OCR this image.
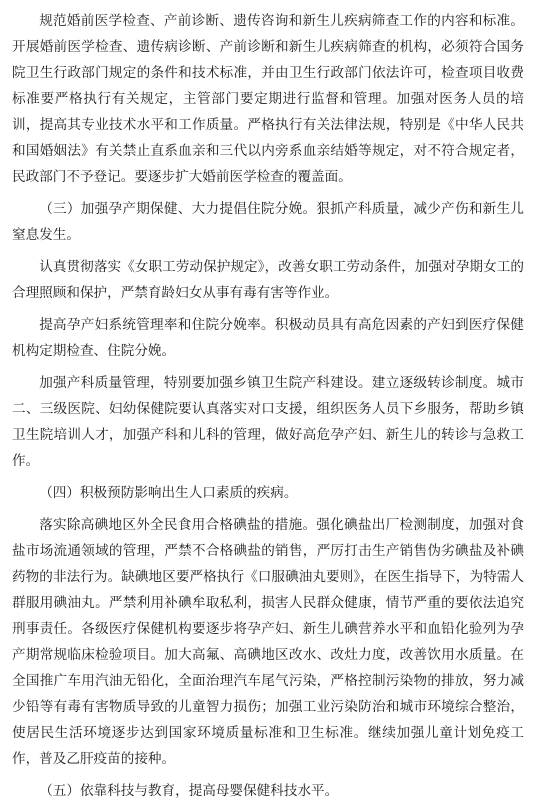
规范婚前医学检查、产前诊断、遗传咨询和新生儿疾病筛查工作的内容和标准。开展婚前医学检查、遗传病诊断、产前诊断和新生儿疾病筛查的机构，必须符合国务院卫生行政部门规定的条件和技术标准，并由卫生行政部门依法许可，检查项目收费标准要严格执行有关规定，主管部门要定期进行监督和管理。加强对医务人员的培训，提高其专业技术水平和工作质量。严格执行有关法律法规，特别是《中华人民共和国婚姻法》有关禁止直系血亲和三代以内旁系血亲结婚等规定，对不符合规定者，民政部门不予登记。要逐步扩大婚前医学检查的覆盖面。

（三）加强孕产期保健、大力提倡住院分娩。狠抓产科质量，减少产伤和新生儿窒息发生。

认真贯彻落实《女职工劳动保护规定》，改善女职工劳动条件，加强对孕期女工的合理照顾和保护，严禁育龄妇女从事有毒有害等作业。

提高孕产妇系统管理率和住院分娩率。积极动员具有高危因素的产妇到医疗保健机构定期检查、住院分娩。

加强产科质量管理，特别要加强乡镇卫生院产科建设。建立逐级转诊制度。城市二、三级医院、妇幼保健院要认真落实对口支援，组织医务人员下乡服务，帮助乡镇卫生院培训人才，加强产科和儿科的管理，做好高危孕产妇、新生儿的转诊与急救工作。

（四）积极预防影响出生人口素质的疾病。

落实除高碘地区外全民食用合格碘盐的措施。强化碘盐出厂检测制度，加强对食盐市场流通领域的管理，严禁不合格碘盐的销售，严厉打击生产销售伪劣碘盐及补碘药物的非法行为。缺碘地区要严格执行《口服碘油丸要则》，在医生指导下，为特需人群服用碘油丸。严禁利用补碘牟取私利，损害人民群众健康，情节严重的要依法追究刑事责任。各级医疗保健机构要逐步将孕产妇、新生儿碘营养水平和血铅化验列为孕产期常规临床检验项目。加大高氟、高碘地区改水、改灶力度，改善饮用水质量。在全国推广车用汽油无铅化，全面治理汽车尾气污染，严格控制污染物的排放，努力减少铅等有毒有害物质导致的儿童智力损伤；加强工业污染防治和城市环境综合整治，使居民生活环境逐步达到国家环境质量标准和卫生标准。继续加强儿童计划免疫工作，普及乙肝疫苗的接种。

（五）依靠科技与教育，提高母婴保健科技水平。
